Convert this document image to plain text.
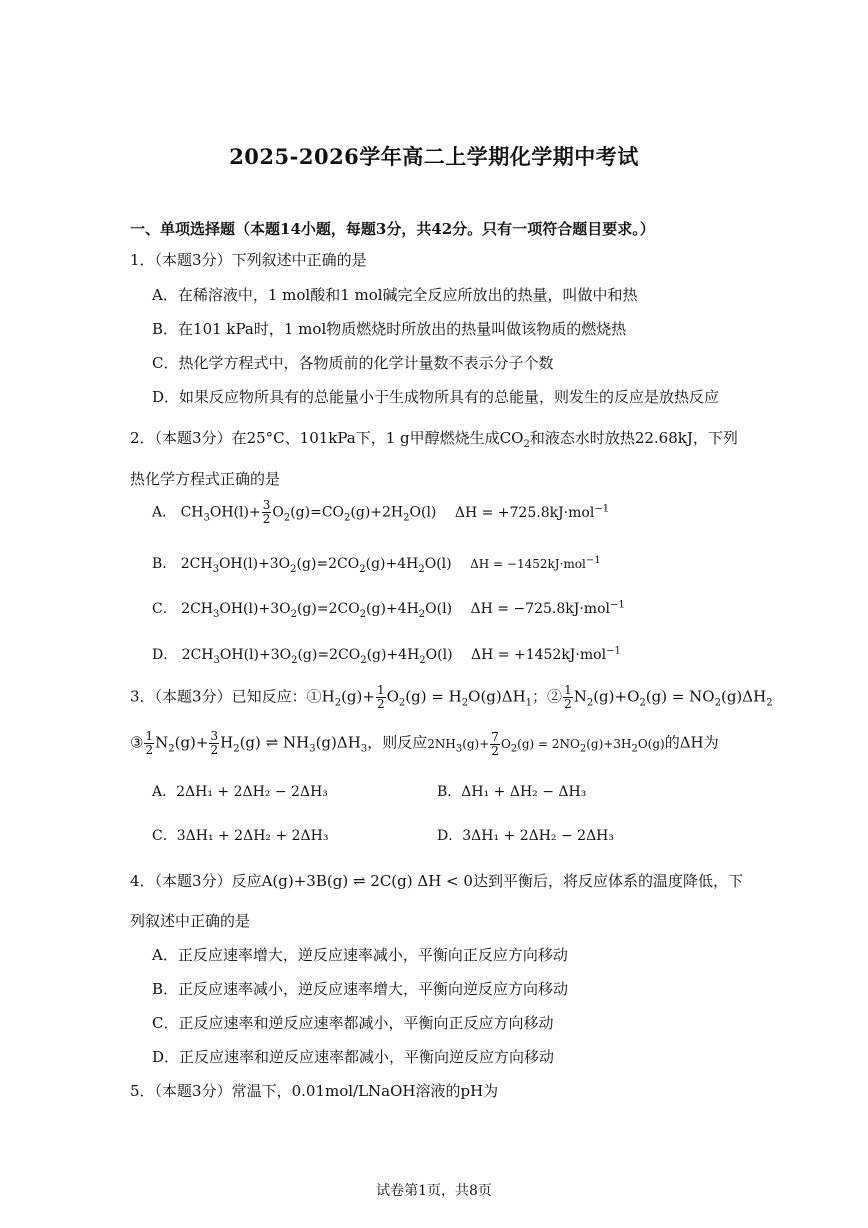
2025-2026学年高二上学期化学期中考试
一、单项选择题（本题14小题，每题3分，共42分。只有一项符合题目要求。）
1．（本题3分）下列叙述中正确的是
A．在稀溶液中，1 mol酸和1 mol碱完全反应所放出的热量，叫做中和热
B．在101 kPa时，1 mol物质燃烧时所放出的热量叫做该物质的燃烧热
C．热化学方程式中，各物质前的化学计量数不表示分子个数
D．如果反应物所具有的总能量小于生成物所具有的总能量，则发生的反应是放热反应
2．（本题3分）在25°C、101kPa下，1 g甲醇燃烧生成$CO_2$和液态水时放热22.68kJ，下列
热化学方程式正确的是
A． $CH_3OH(l)+ \frac{3}{2} O_2(g)=CO_2(g)+2H_2O(l) \Delta H = +725.8kJ\cdot mol^{-1}$
B． $2CH_3OH(l)+3O_2(g)=2CO_2(g)+4H_2O(l) \Delta H = -1452kJ\cdot mol^{-1}$
C． $2CH_3OH(l)+3O_2(g)=2CO_2(g)+4H_2O(l) \Delta H = -725.8kJ\cdot mol^{-1}$
D． $2CH_3OH(l)+3O_2(g)=2CO_2(g)+4H_2O(l) \Delta H = +1452kJ\cdot mol^{-1}$
3．（本题3分）已知反应：$①H_2(g)+ \frac{1}{2} O_2(g) = H_2O(g)\Delta H_1$；② $\frac{1}{2} N_2(g)+O_2(g) = NO_2(g)\Delta H_2$
③ $\frac{1}{2} N_2(g)+ \frac{3}{2} H_2(g)$ ⇌ $NH_3(g)\Delta H_3$，则反应$2NH_3(g)+ \frac{7}{2} O_2(g) = 2NO_2(g)+3H_2O(g)$的ΔH为
A．2ΔH₁ + 2ΔH₂ − 2ΔH₃	B．ΔH₁ + ΔH₂ − ΔH₃
C．3ΔH₁ + 2ΔH₂ + 2ΔH₃	D．3ΔH₁ + 2ΔH₂ − 2ΔH₃
4．（本题3分）反应A(g)+3B(g) ⇌ 2C(g) ΔH < 0达到平衡后，将反应体系的温度降低，下
列叙述中正确的是
A．正反应速率增大，逆反应速率减小，平衡向正反应方向移动
B．正反应速率减小，逆反应速率增大，平衡向逆反应方向移动
C．正反应速率和逆反应速率都减小，平衡向正反应方向移动
D．正反应速率和逆反应速率都减小，平衡向逆反应方向移动
5．（本题3分）常温下，0.01mol/LNaOH溶液的pH为
试卷第1页，共8页
